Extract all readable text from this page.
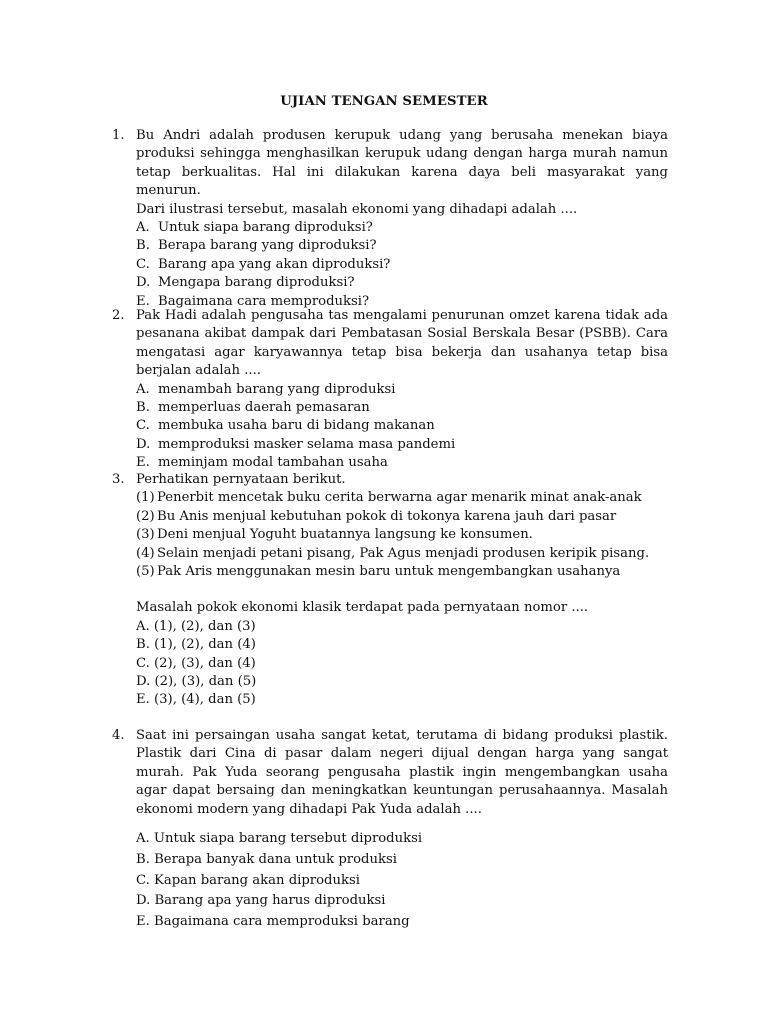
UJIAN TENGAN SEMESTER
1. Bu Andri adalah produsen kerupuk udang yang berusaha menekan biaya produksi sehingga menghasilkan kerupuk udang dengan harga murah namun tetap berkualitas. Hal ini dilakukan karena daya beli masyarakat yang menurun.
Dari ilustrasi tersebut, masalah ekonomi yang dihadapi adalah ....
A. Untuk siapa barang diproduksi?
B. Berapa barang yang diproduksi?
C. Barang apa yang akan diproduksi?
D. Mengapa barang diproduksi?
E. Bagaimana cara memproduksi?
2. Pak Hadi adalah pengusaha tas mengalami penurunan omzet karena tidak ada pesanana akibat dampak dari Pembatasan Sosial Berskala Besar (PSBB). Cara mengatasi agar karyawannya tetap bisa bekerja dan usahanya tetap bisa berjalan adalah ....
A. menambah barang yang diproduksi
B. memperluas daerah pemasaran
C. membuka usaha baru di bidang makanan
D. memproduksi masker selama masa pandemi
E. meminjam modal tambahan usaha
3. Perhatikan pernyataan berikut.
(1) Penerbit mencetak buku cerita berwarna agar menarik minat anak-anak
(2) Bu Anis menjual kebutuhan pokok di tokonya karena jauh dari pasar
(3) Deni menjual Yoguht buatannya langsung ke konsumen.
(4) Selain menjadi petani pisang, Pak Agus menjadi produsen keripik pisang.
(5) Pak Aris menggunakan mesin baru untuk mengembangkan usahanya
Masalah pokok ekonomi klasik terdapat pada pernyataan nomor ....
A. (1), (2), dan (3)
B. (1), (2), dan (4)
C. (2), (3), dan (4)
D. (2), (3), dan (5)
E. (3), (4), dan (5)
4. Saat ini persaingan usaha sangat ketat, terutama di bidang produksi plastik. Plastik dari Cina di pasar dalam negeri dijual dengan harga yang sangat murah. Pak Yuda seorang pengusaha plastik ingin mengembangkan usaha agar dapat bersaing dan meningkatkan keuntungan perusahaannya. Masalah ekonomi modern yang dihadapi Pak Yuda adalah ....
A. Untuk siapa barang tersebut diproduksi
B. Berapa banyak dana untuk produksi
C. Kapan barang akan diproduksi
D. Barang apa yang harus diproduksi
E. Bagaimana cara memproduksi barang
